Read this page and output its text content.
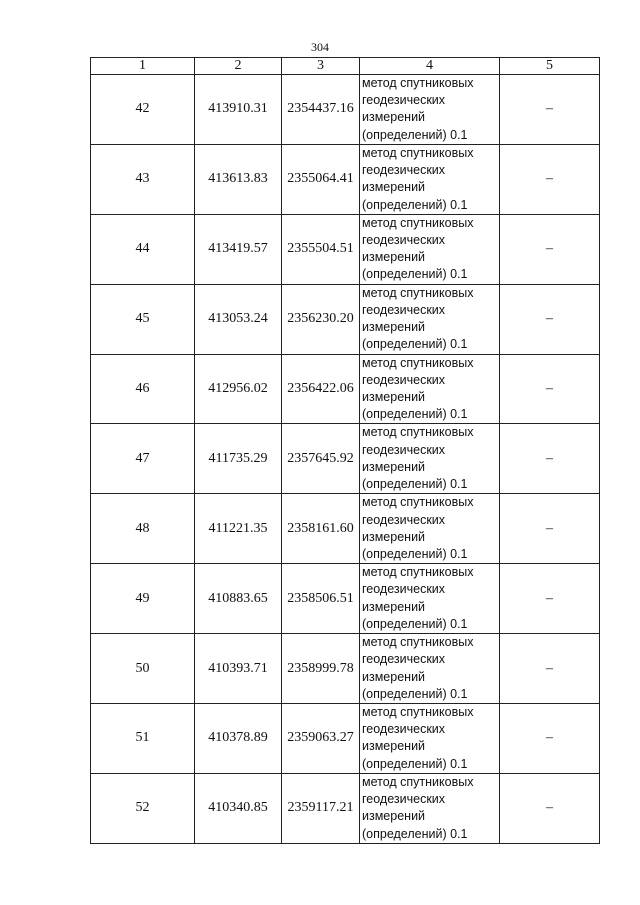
304
1	2	3	4	5
42	413910.31	2354437.16	метод спутниковых
геодезических
измерений
(определений) 0.1	–
43	413613.83	2355064.41	метод спутниковых
геодезических
измерений
(определений) 0.1	–
44	413419.57	2355504.51	метод спутниковых
геодезических
измерений
(определений) 0.1	–
45	413053.24	2356230.20	метод спутниковых
геодезических
измерений
(определений) 0.1	–
46	412956.02	2356422.06	метод спутниковых
геодезических
измерений
(определений) 0.1	–
47	411735.29	2357645.92	метод спутниковых
геодезических
измерений
(определений) 0.1	–
48	411221.35	2358161.60	метод спутниковых
геодезических
измерений
(определений) 0.1	–
49	410883.65	2358506.51	метод спутниковых
геодезических
измерений
(определений) 0.1	–
50	410393.71	2358999.78	метод спутниковых
геодезических
измерений
(определений) 0.1	–
51	410378.89	2359063.27	метод спутниковых
геодезических
измерений
(определений) 0.1	–
52	410340.85	2359117.21	метод спутниковых
геодезических
измерений
(определений) 0.1	–
